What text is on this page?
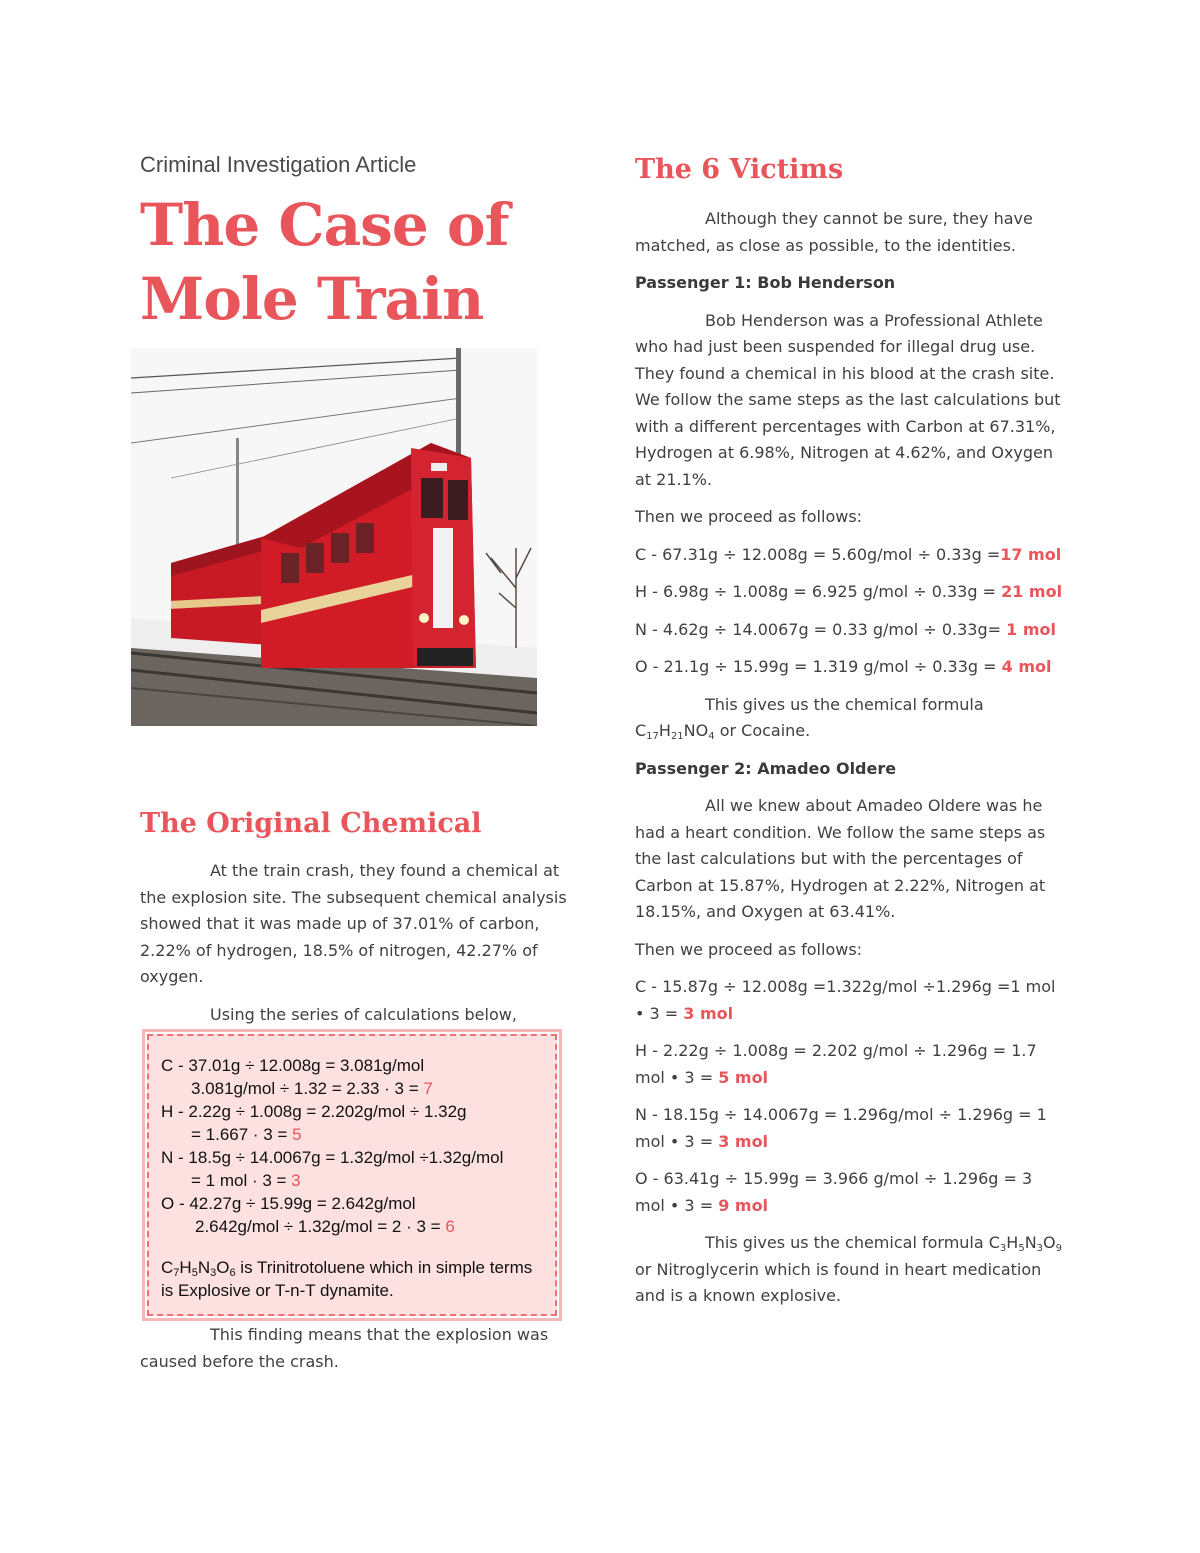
Criminal Investigation Article

The Case of
Mole Train
The Original Chemical

At the train crash, they found a chemical at the explosion site. The subsequent chemical analysis showed that it was made up of 37.01% of carbon, 2.22% of hydrogen, 18.5% of nitrogen, 42.27% of oxygen.

Using the series of calculations below,

C - 37.01g ÷ 12.008g = 3.081g/mol
3.081g/mol ÷ 1.32 = 2.33 · 3 = 7
H - 2.22g ÷ 1.008g = 2.202g/mol ÷ 1.32g
= 1.667 · 3 = 5
N - 18.5g ÷ 14.0067g = 1.32g/mol ÷1.32g/mol
= 1 mol · 3 = 3
O - 42.27g ÷ 15.99g = 2.642g/mol
2.642g/mol ÷ 1.32g/mol = 2 · 3 = 6
C7H5N3O6 is Trinitrotoluene which in simple terms is Explosive or T-n-T dynamite.

This finding means that the explosion was caused before the crash.

The 6 Victims

Although they cannot be sure, they have matched, as close as possible, to the identities.

Passenger 1: Bob Henderson

Bob Henderson was a Professional Athlete who had just been suspended for illegal drug use. They found a chemical in his blood at the crash site. We follow the same steps as the last calculations but with a different percentages with Carbon at 67.31%, Hydrogen at 6.98%, Nitrogen at 4.62%, and Oxygen at 21.1%.

Then we proceed as follows:

C - 67.31g ÷ 12.008g = 5.60g/mol ÷ 0.33g =17 mol

H - 6.98g ÷ 1.008g = 6.925 g/mol ÷ 0.33g = 21 mol

N - 4.62g ÷ 14.0067g = 0.33 g/mol ÷ 0.33g= 1 mol

O - 21.1g ÷ 15.99g = 1.319 g/mol ÷ 0.33g = 4 mol

This gives us the chemical formula $C_{17}H_{21}NO_4$ or Cocaine.

Passenger 2: Amadeo Oldere

All we knew about Amadeo Oldere was he had a heart condition. We follow the same steps as the last calculations but with the percentages of Carbon at 15.87%, Hydrogen at 2.22%, Nitrogen at 18.15%, and Oxygen at 63.41%.

Then we proceed as follows:

C - 15.87g ÷ 12.008g =1.322g/mol ÷1.296g =1 mol • 3 = 3 mol

H - 2.22g ÷ 1.008g = 2.202 g/mol ÷ 1.296g = 1.7 mol • 3 = 5 mol

N - 18.15g ÷ 14.0067g = 1.296g/mol ÷ 1.296g = 1 mol • 3 = 3 mol

O - 63.41g ÷ 15.99g = 3.966 g/mol ÷ 1.296g = 3 mol • 3 = 9 mol

This gives us the chemical formula $C_3H_5N_3O_9$ or Nitroglycerin which is found in heart medication and is a known explosive.
